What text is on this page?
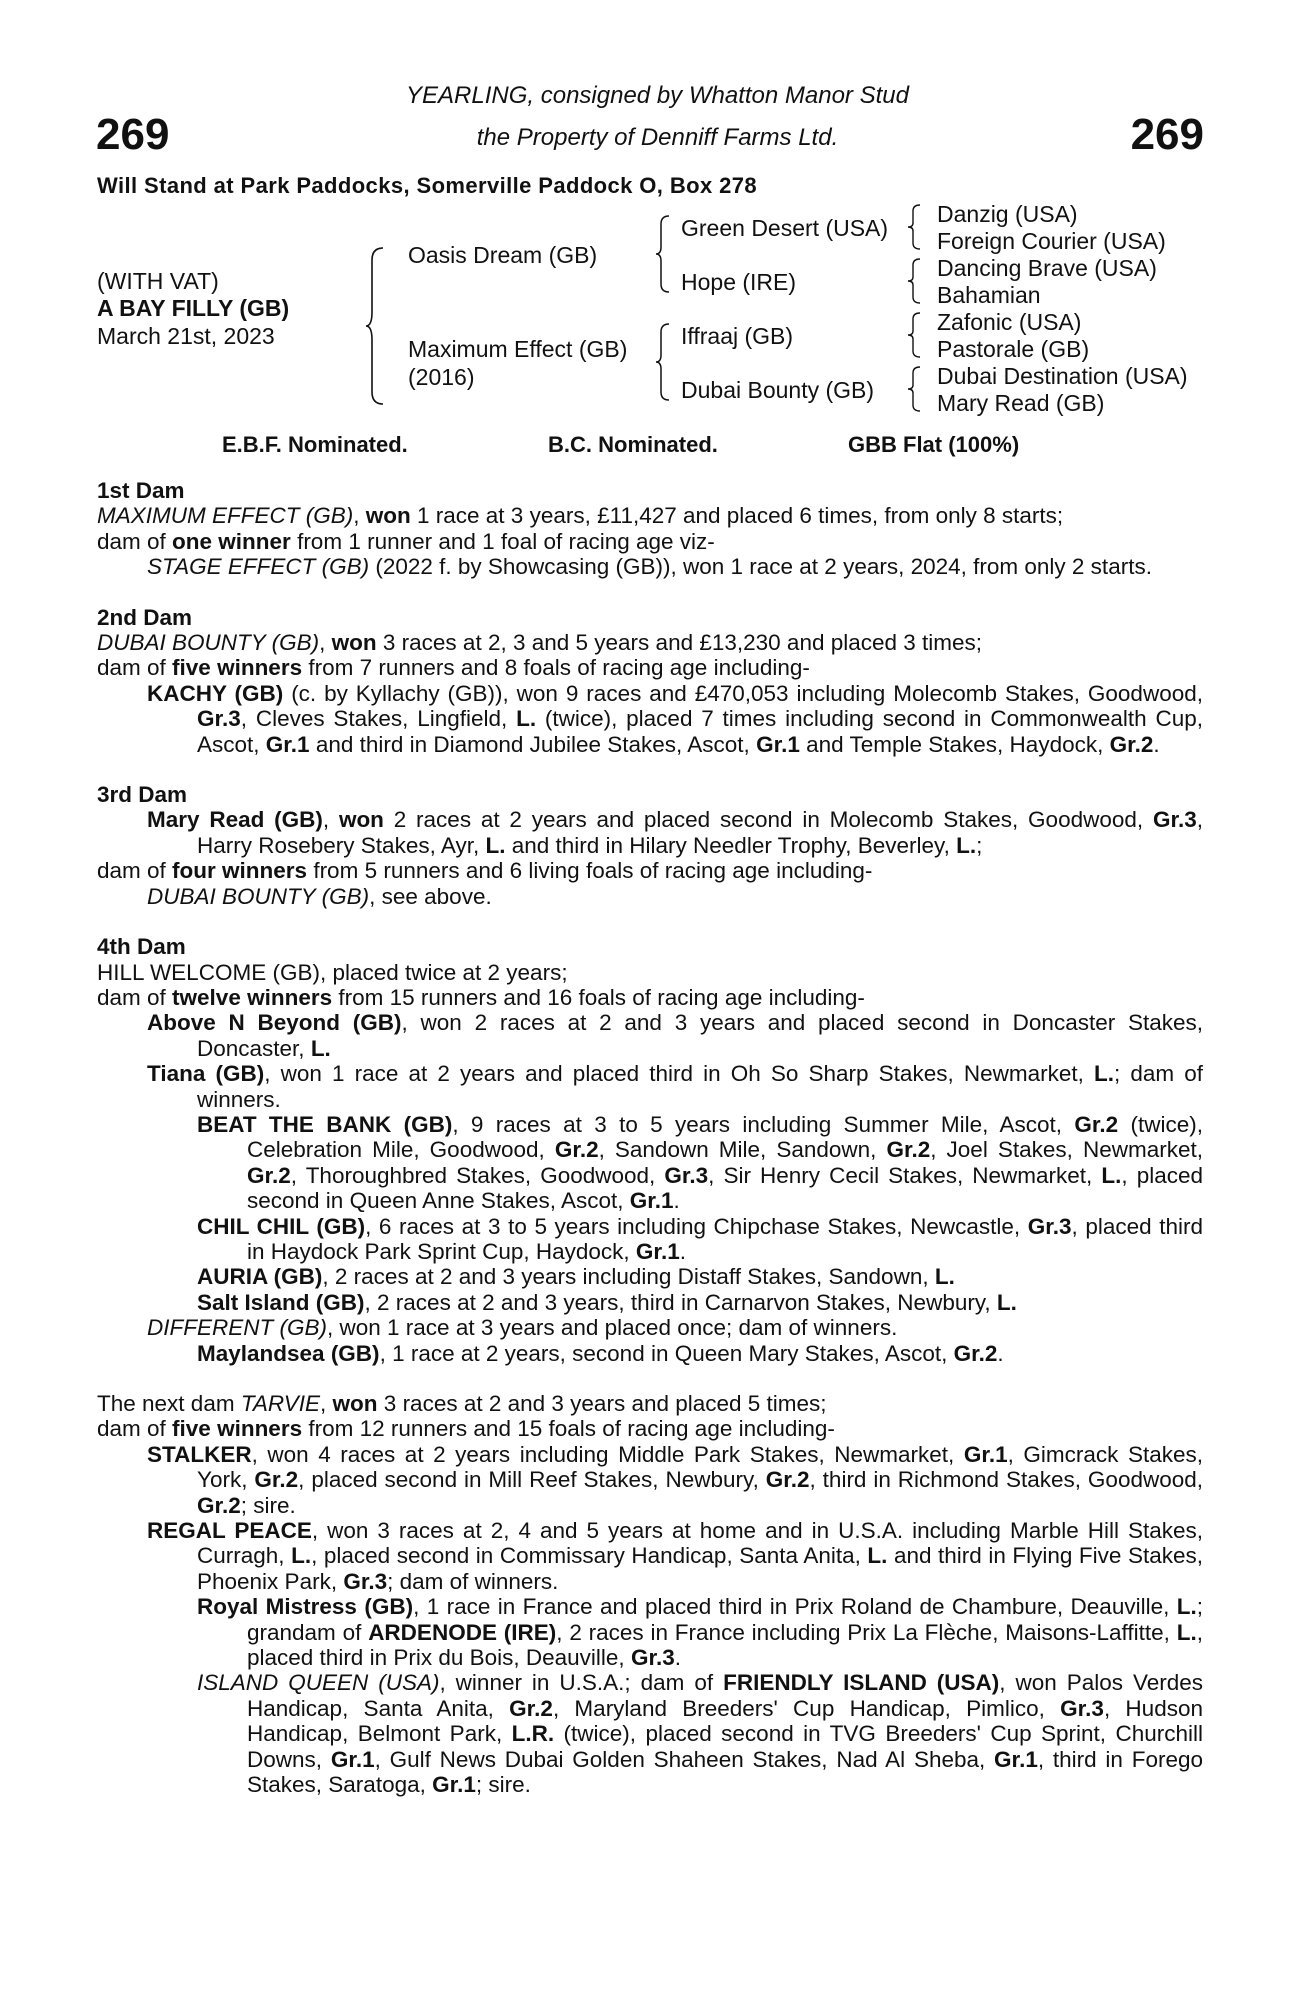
269	269
YEARLING, consigned by Whatton Manor Stud
the Property of Denniff Farms Ltd.
Will Stand at Park Paddocks, Somerville Paddock O, Box 278
(WITH VAT)
A BAY FILLY (GB)
March 21st, 2023
Oasis Dream (GB)
Maximum Effect (GB)
(2016)
Green Desert (USA)
Hope (IRE)
Iffraaj (GB)
Dubai Bounty (GB)
Danzig (USA)
Foreign Courier (USA)
Dancing Brave (USA)
Bahamian
Zafonic (USA)
Pastorale (GB)
Dubai Destination (USA)
Mary Read (GB)
E.B.F. Nominated.	B.C. Nominated.	GBB Flat (100%)
1st Dam
MAXIMUM EFFECT (GB), won 1 race at 3 years, £11,427 and placed 6 times, from only 8 starts;
dam of one winner from 1 runner and 1 foal of racing age viz-
STAGE EFFECT (GB) (2022 f. by Showcasing (GB)), won 1 race at 2 years, 2024, from only 2 starts.
2nd Dam
DUBAI BOUNTY (GB), won 3 races at 2, 3 and 5 years and £13,230 and placed 3 times;
dam of five winners from 7 runners and 8 foals of racing age including-
KACHY (GB) (c. by Kyllachy (GB)), won 9 races and £470,053 including Molecomb Stakes, Goodwood, Gr.3, Cleves Stakes, Lingfield, L. (twice), placed 7 times including second in Commonwealth Cup, Ascot, Gr.1 and third in Diamond Jubilee Stakes, Ascot, Gr.1 and Temple Stakes, Haydock, Gr.2.
3rd Dam
Mary Read (GB), won 2 races at 2 years and placed second in Molecomb Stakes, Goodwood, Gr.3, Harry Rosebery Stakes, Ayr, L. and third in Hilary Needler Trophy, Beverley, L.;
dam of four winners from 5 runners and 6 living foals of racing age including-
DUBAI BOUNTY (GB), see above.
4th Dam
HILL WELCOME (GB), placed twice at 2 years;
dam of twelve winners from 15 runners and 16 foals of racing age including-
Above N Beyond (GB), won 2 races at 2 and 3 years and placed second in Doncaster Stakes, Doncaster, L.
Tiana (GB), won 1 race at 2 years and placed third in Oh So Sharp Stakes, Newmarket, L.; dam of winners.
BEAT THE BANK (GB), 9 races at 3 to 5 years including Summer Mile, Ascot, Gr.2 (twice), Celebration Mile, Goodwood, Gr.2, Sandown Mile, Sandown, Gr.2, Joel Stakes, Newmarket, Gr.2, Thoroughbred Stakes, Goodwood, Gr.3, Sir Henry Cecil Stakes, Newmarket, L., placed second in Queen Anne Stakes, Ascot, Gr.1.
CHIL CHIL (GB), 6 races at 3 to 5 years including Chipchase Stakes, Newcastle, Gr.3, placed third in Haydock Park Sprint Cup, Haydock, Gr.1.
AURIA (GB), 2 races at 2 and 3 years including Distaff Stakes, Sandown, L.
Salt Island (GB), 2 races at 2 and 3 years, third in Carnarvon Stakes, Newbury, L.
DIFFERENT (GB), won 1 race at 3 years and placed once; dam of winners.
Maylandsea (GB), 1 race at 2 years, second in Queen Mary Stakes, Ascot, Gr.2.
The next dam TARVIE, won 3 races at 2 and 3 years and placed 5 times;
dam of five winners from 12 runners and 15 foals of racing age including-
STALKER, won 4 races at 2 years including Middle Park Stakes, Newmarket, Gr.1, Gimcrack Stakes, York, Gr.2, placed second in Mill Reef Stakes, Newbury, Gr.2, third in Richmond Stakes, Goodwood, Gr.2; sire.
REGAL PEACE, won 3 races at 2, 4 and 5 years at home and in U.S.A. including Marble Hill Stakes, Curragh, L., placed second in Commissary Handicap, Santa Anita, L. and third in Flying Five Stakes, Phoenix Park, Gr.3; dam of winners.
Royal Mistress (GB), 1 race in France and placed third in Prix Roland de Chambure, Deauville, L.; grandam of ARDENODE (IRE), 2 races in France including Prix La Flèche, Maisons-Laffitte, L., placed third in Prix du Bois, Deauville, Gr.3.
ISLAND QUEEN (USA), winner in U.S.A.; dam of FRIENDLY ISLAND (USA), won Palos Verdes Handicap, Santa Anita, Gr.2, Maryland Breeders' Cup Handicap, Pimlico, Gr.3, Hudson Handicap, Belmont Park, L.R. (twice), placed second in TVG Breeders' Cup Sprint, Churchill Downs, Gr.1, Gulf News Dubai Golden Shaheen Stakes, Nad Al Sheba, Gr.1, third in Forego Stakes, Saratoga, Gr.1; sire.
